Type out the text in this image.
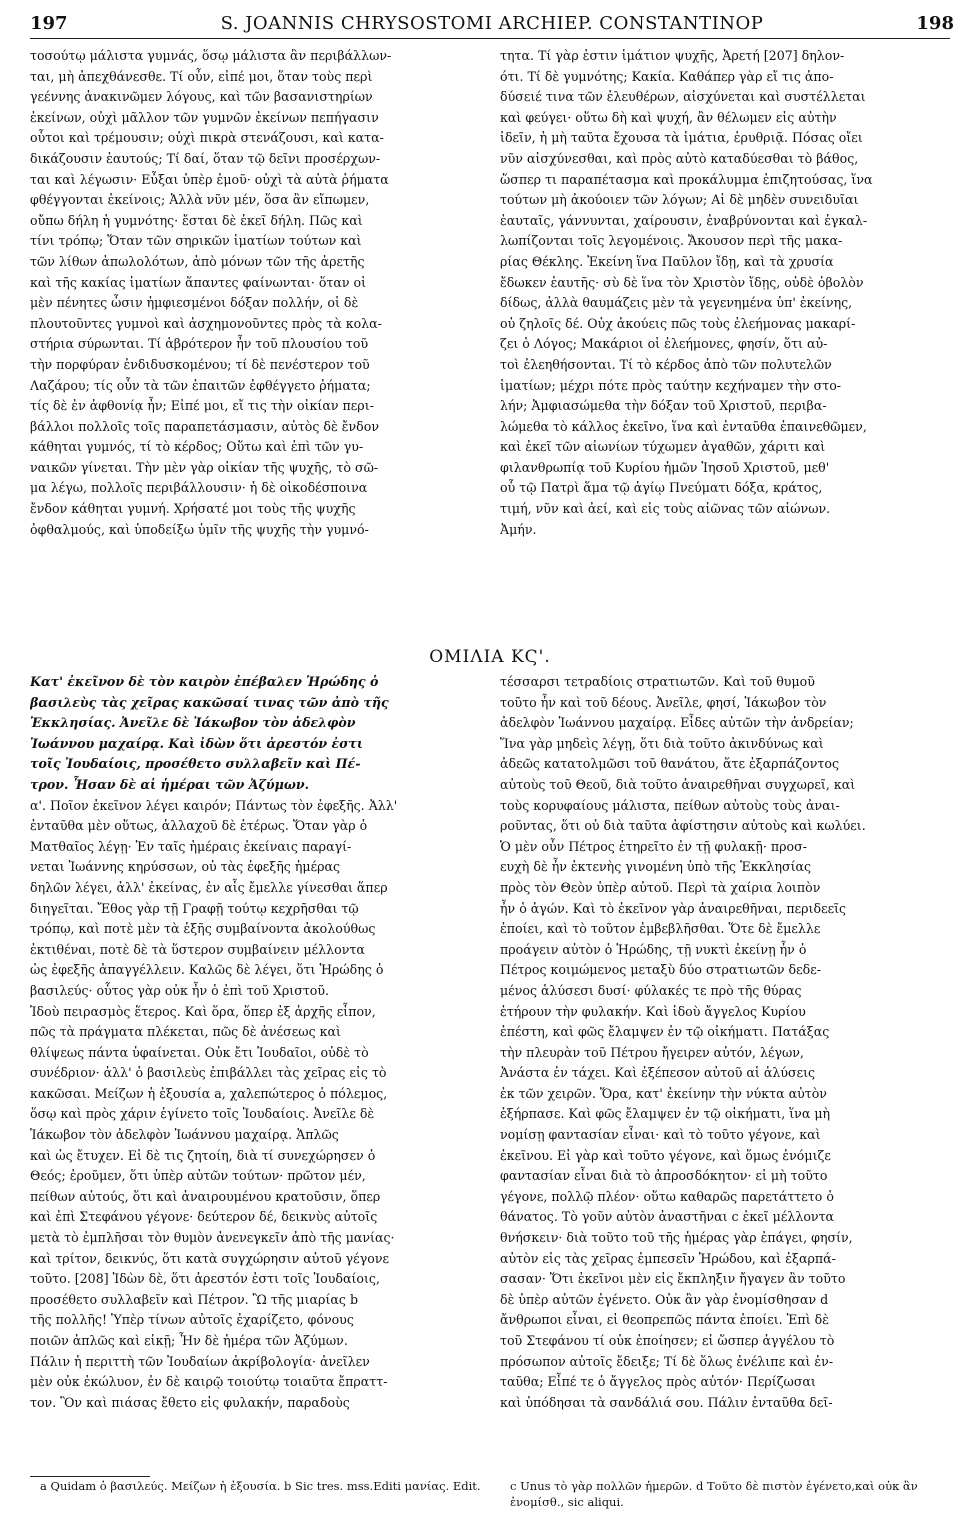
197	S. JOANNIS CHRYSOSTOMI ARCHIEP. CONSTANTINOP	198
τοσούτῳ μάλιστα γυμνάς, ὅσῳ μάλιστα ἂν περιβάλλων-
ται, μὴ ἀπεχθάνεσθε. Τί οὖν, εἰπέ μοι, ὅταν τοὺς περὶ
γεέννης ἀνακινῶμεν λόγους, καὶ τῶν βασανιστηρίων
ἐκείνων, οὐχὶ μᾶλλον τῶν γυμνῶν ἐκείνων πεπήγασιν
οὗτοι καὶ τρέμουσιν; οὐχὶ πικρὰ στενάζουσι, καὶ κατα-
δικάζουσιν ἑαυτούς; Τί δαί, ὅταν τῷ δεῖνι προσέρχων-
ται καὶ λέγωσιν· Εὖξαι ὑπὲρ ἐμοῦ· οὐχὶ τὰ αὐτὰ ῥήματα
φθέγγονται ἐκείνοις; Ἀλλὰ νῦν μέν, ὅσα ἂν εἴπωμεν,
οὔπω δήλη ἡ γυμνότης· ἔσται δὲ ἐκεῖ δήλη. Πῶς καὶ
τίνι τρόπῳ; Ὅταν τῶν σηρικῶν ἱματίων τούτων καὶ
τῶν λίθων ἀπωλολότων, ἀπὸ μόνων τῶν τῆς ἀρετῆς
καὶ τῆς κακίας ἱματίων ἅπαντες φαίνωνται· ὅταν οἱ
μὲν πένητες ὦσιν ἠμφιεσμένοι δόξαν πολλήν, οἱ δὲ
πλουτοῦντες γυμνοὶ καὶ ἀσχημονοῦντες πρὸς τὰ κολα-
στήρια σύρωνται. Τί ἁβρότερον ἦν τοῦ πλουσίου τοῦ
τὴν πορφύραν ἐνδιδυσκομένου; τί δὲ πενέστερον τοῦ
Λαζάρου; τίς οὖν τὰ τῶν ἐπαιτῶν ἐφθέγγετο ῥήματα;
τίς δὲ ἐν ἀφθονίᾳ ἦν; Εἰπέ μοι, εἴ τις τὴν οἰκίαν περι-
βάλλοι πολλοῖς τοῖς παραπετάσμασιν, αὐτὸς δὲ ἔνδον
κάθηται γυμνός, τί τὸ κέρδος; Οὕτω καὶ ἐπὶ τῶν γυ-
ναικῶν γίνεται. Τὴν μὲν γὰρ οἰκίαν τῆς ψυχῆς, τὸ σῶ-
μα λέγω, πολλοῖς περιβάλλουσιν· ἡ δὲ οἰκοδέσποινα
ἔνδον κάθηται γυμνή. Χρήσατέ μοι τοὺς τῆς ψυχῆς
ὀφθαλμούς, καὶ ὑποδείξω ὑμῖν τῆς ψυχῆς τὴν γυμνό-
τητα. Τί γὰρ ἐστιν ἱμάτιον ψυχῆς, Ἀρετή [207] δηλον-
ότι. Τί δὲ γυμνότης; Κακία. Καθάπερ γὰρ εἴ τις ἀπο-
δύσειέ τινα τῶν ἐλευθέρων, αἰσχύνεται καὶ συστέλλεται
καὶ φεύγει· οὕτω δὴ καὶ ψυχή, ἂν θέλωμεν εἰς αὐτὴν
ἰδεῖν, ἡ μὴ ταῦτα ἔχουσα τὰ ἱμάτια, ἐρυθριᾷ. Πόσας οἴει
νῦν αἰσχύνεσθαι, καὶ πρὸς αὐτὸ καταδύεσθαι τὸ βάθος,
ὥσπερ τι παραπέτασμα καὶ προκάλυμμα ἐπιζητούσας, ἵνα
τούτων μὴ ἀκούοιεν τῶν λόγων; Αἱ δὲ μηδὲν συνειδυῖαι
ἑαυταῖς, γάννυνται, χαίρουσιν, ἐναβρύνονται καὶ ἐγκαλ-
λωπίζονται τοῖς λεγομένοις. Ἄκουσον περὶ τῆς μακα-
ρίας Θέκλης. Ἐκείνη ἵνα Παῦλον ἴδῃ, καὶ τὰ χρυσία
ἔδωκεν ἑαυτῆς· σὺ δὲ ἵνα τὸν Χριστὸν ἴδῃς, οὐδὲ ὀβολὸν
δίδως, ἀλλὰ θαυμάζεις μὲν τὰ γεγενημένα ὑπ' ἐκείνης,
οὐ ζηλοῖς δέ. Οὐχ ἀκούεις πῶς τοὺς ἐλεήμονας μακαρί-
ζει ὁ Λόγος; Μακάριοι οἱ ἐλεήμονες, φησίν, ὅτι αὐ-
τοὶ ἐλεηθήσονται. Τί τὸ κέρδος ἀπὸ τῶν πολυτελῶν
ἱματίων; μέχρι πότε πρὸς ταύτην κεχήναμεν τὴν στο-
λήν; Ἀμφιασώμεθα τὴν δόξαν τοῦ Χριστοῦ, περιβα-
λώμεθα τὸ κάλλος ἐκεῖνο, ἵνα καὶ ἐνταῦθα ἐπαινεθῶμεν,
καὶ ἐκεῖ τῶν αἰωνίων τύχωμεν ἀγαθῶν, χάριτι καὶ
φιλανθρωπίᾳ τοῦ Κυρίου ἡμῶν Ἰησοῦ Χριστοῦ, μεθ'
οὗ τῷ Πατρὶ ἅμα τῷ ἁγίῳ Πνεύματι δόξα, κράτος,
τιμή, νῦν καὶ ἀεί, καὶ εἰς τοὺς αἰῶνας τῶν αἰώνων.
Ἀμήν.
ΟΜΙΛΙΑ ΚϚ'.
Κατ' ἐκεῖνον δὲ τὸν καιρὸν ἐπέβαλεν Ἡρώδης ὁ
βασιλεὺς τὰς χεῖρας κακῶσαί τινας τῶν ἀπὸ τῆς
Ἐκκλησίας. Ἀνεῖλε δὲ Ἰάκωβον τὸν ἀδελφὸν
Ἰωάννου μαχαίρᾳ. Καὶ ἰδὼν ὅτι ἀρεστόν ἐστι
τοῖς Ἰουδαίοις, προσέθετο συλλαβεῖν καὶ Πέ-
τρον. Ἦσαν δὲ αἱ ἡμέραι τῶν Ἀζύμων.
α'. Ποῖον ἐκεῖνον λέγει καιρόν; Πάντως τὸν ἐφεξῆς. Ἀλλ'
ἐνταῦθα μὲν οὕτως, ἀλλαχοῦ δὲ ἑτέρως. Ὅταν γὰρ ὁ
Ματθαῖος λέγῃ· Ἐν ταῖς ἡμέραις ἐκείναις παραγί-
νεται Ἰωάννης κηρύσσων, οὐ τὰς ἐφεξῆς ἡμέρας
δηλῶν λέγει, ἀλλ' ἐκείνας, ἐν αἷς ἔμελλε γίνεσθαι ἅπερ
διηγεῖται. Ἔθος γὰρ τῇ Γραφῇ τούτῳ κεχρῆσθαι τῷ
τρόπῳ, καὶ ποτὲ μὲν τὰ ἑξῆς συμβαίνοντα ἀκολούθως
ἐκτιθέναι, ποτὲ δὲ τὰ ὕστερον συμβαίνειν μέλλοντα
ὡς ἐφεξῆς ἀπαγγέλλειν. Καλῶς δὲ λέγει, ὅτι Ἡρώδης ὁ
βασιλεύς· οὗτος γὰρ οὐκ ἦν ὁ ἐπὶ τοῦ Χριστοῦ.
Ἰδοὺ πειρασμὸς ἕτερος. Καὶ ὅρα, ὅπερ ἐξ ἀρχῆς εἶπον,
πῶς τὰ πράγματα πλέκεται, πῶς δὲ ἀνέσεως καὶ
θλίψεως πάντα ὑφαίνεται. Οὐκ ἔτι Ἰουδαῖοι, οὐδὲ τὸ
συνέδριον· ἀλλ' ὁ βασιλεὺς ἐπιβάλλει τὰς χεῖρας εἰς τὸ
κακῶσαι. Μείζων ἡ ἐξουσία a, χαλεπώτερος ὁ πόλεμος,
ὅσῳ καὶ πρὸς χάριν ἐγίνετο τοῖς Ἰουδαίοις. Ἀνεῖλε δὲ
Ἰάκωβον τὸν ἀδελφὸν Ἰωάννου μαχαίρᾳ. Ἁπλῶς
καὶ ὡς ἔτυχεν. Εἰ δὲ τις ζητοίη, διὰ τί συνεχώρησεν ὁ
Θεός; ἐροῦμεν, ὅτι ὑπὲρ αὐτῶν τούτων· πρῶτον μέν,
πείθων αὐτούς, ὅτι καὶ ἀναιρουμένου κρατοῦσιν, ὅπερ
καὶ ἐπὶ Στεφάνου γέγονε· δεύτερον δέ, δεικνὺς αὐτοῖς
μετὰ τὸ ἐμπλῆσαι τὸν θυμὸν ἀνενεγκεῖν ἀπὸ τῆς μανίας·
καὶ τρίτον, δεικνύς, ὅτι κατὰ συγχώρησιν αὐτοῦ γέγονε
τοῦτο. [208] Ἰδὼν δὲ, ὅτι ἀρεστόν ἐστι τοῖς Ἰουδαίοις,
προσέθετο συλλαβεῖν καὶ Πέτρον. Ὢ τῆς μιαρίας b
τῆς πολλῆς! Ὑπὲρ τίνων αὐτοῖς ἐχαρίζετο, φόνους
ποιῶν ἁπλῶς καὶ εἰκῇ; Ἦν δὲ ἡμέρα τῶν Ἀζύμων.
Πάλιν ἡ περιττὴ τῶν Ἰουδαίων ἀκρίβολογία· ἀνεῖλεν
μὲν οὐκ ἐκώλυον, ἐν δὲ καιρῷ τοιούτῳ τοιαῦτα ἔπραττ-
τον. Ὃν καὶ πιάσας ἔθετο εἰς φυλακήν, παραδοὺς
τέσσαρσι τετραδίοις στρατιωτῶν. Καὶ τοῦ θυμοῦ
τοῦτο ἦν καὶ τοῦ δέους. Ἀνεῖλε, φησί, Ἰάκωβον τὸν
ἀδελφὸν Ἰωάννου μαχαίρᾳ. Εἶδες αὐτῶν τὴν ἀνδρείαν;
Ἵνα γὰρ μηδεὶς λέγῃ, ὅτι διὰ τοῦτο ἀκινδύνως καὶ
ἀδεῶς κατατολμῶσι τοῦ θανάτου, ἅτε ἐξαρπάζοντος
αὐτοὺς τοῦ Θεοῦ, διὰ τοῦτο ἀναιρεθῆναι συγχωρεῖ, καὶ
τοὺς κορυφαίους μάλιστα, πείθων αὐτοὺς τοὺς ἀναι-
ροῦντας, ὅτι οὐ διὰ ταῦτα ἀφίστησιν αὐτοὺς καὶ κωλύει.
Ὁ μὲν οὖν Πέτρος ἐτηρεῖτο ἐν τῇ φυλακῇ· προσ-
ευχὴ δὲ ἦν ἐκτενὴς γινομένη ὑπὸ τῆς Ἐκκλησίας
πρὸς τὸν Θεὸν ὑπὲρ αὐτοῦ. Περὶ τὰ χαίρια λοιπὸν
ἦν ὁ ἀγών. Καὶ τὸ ἐκεῖνον γὰρ ἀναιρεθῆναι, περιδεεῖς
ἐποίει, καὶ τὸ τοῦτον ἐμβεβλῆσθαι. Ὅτε δὲ ἔμελλε
προάγειν αὐτὸν ὁ Ἡρώδης, τῇ νυκτὶ ἐκείνῃ ἦν ὁ
Πέτρος κοιμώμενος μεταξὺ δύο στρατιωτῶν δεδε-
μένος ἁλύσεσι δυσί· φύλακές τε πρὸ τῆς θύρας
ἐτήρουν τὴν φυλακήν. Καὶ ἰδοὺ ἄγγελος Κυρίου
ἐπέστη, καὶ φῶς ἔλαμψεν ἐν τῷ οἰκήματι. Πατάξας
τὴν πλευρὰν τοῦ Πέτρου ἤγειρεν αὐτόν, λέγων,
Ἀνάστα ἐν τάχει. Καὶ ἐξέπεσον αὐτοῦ αἱ ἁλύσεις
ἐκ τῶν χειρῶν. Ὅρα, κατ' ἐκείνην τὴν νύκτα αὐτὸν
ἐξήρπασε. Καὶ φῶς ἔλαμψεν ἐν τῷ οἰκήματι, ἵνα μὴ
νομίσῃ φαντασίαν εἶναι· καὶ τὸ τοῦτο γέγονε, καὶ
ἐκεῖνου. Εἰ γὰρ καὶ τοῦτο γέγονε, καὶ ὅμως ἐνόμιζε
φαντασίαν εἶναι διὰ τὸ ἀπροσδόκητον· εἰ μὴ τοῦτο
γέγονε, πολλῷ πλέον· οὕτω καθαρῶς παρετάττετο ὁ
θάνατος. Τὸ γοῦν αὐτὸν ἀναστῆναι c ἐκεῖ μέλλοντα
θνήσκειν· διὰ τοῦτο τοῦ τῆς ἡμέρας γὰρ ἐπάγει, φησίν,
αὐτὸν εἰς τὰς χεῖρας ἐμπεσεῖν Ἡρώδου, καὶ ἐξαρπά-
σασαν· Ὅτι ἐκεῖνοι μὲν εἰς ἔκπληξιν ἤγαγεν ἂν τοῦτο
δὲ ὑπὲρ αὐτῶν ἐγένετο. Οὐκ ἂν γὰρ ἐνομίσθησαν d
ἄνθρωποι εἶναι, εἰ θεοπρεπῶς πάντα ἐποίει. Ἐπὶ δὲ
τοῦ Στεφάνου τί οὐκ ἐποίησεν; εἰ ὥσπερ ἀγγέλου τὸ
πρόσωπον αὐτοῖς ἔδειξε; Τί δὲ ὅλως ἐνέλιπε καὶ ἐν-
ταῦθα; Εἶπέ τε ὁ ἄγγελος πρὸς αὐτόν· Περίζωσαι
καὶ ὑπόδησαι τὰ σανδάλιά σου. Πάλιν ἐνταῦθα δεῖ-
a Quidam ὁ βασιλεύς. Μείζων ἡ ἐξουσία. b Sic tres. mss.Editi μανίας. Edit.	c Unus τὸ γὰρ πολλῶν ἡμερῶν. d Τοῦτο δὲ πιστὸν ἐγένετο,καὶ οὐκ ἂν ἐνομίσθ., sic aliqui.
